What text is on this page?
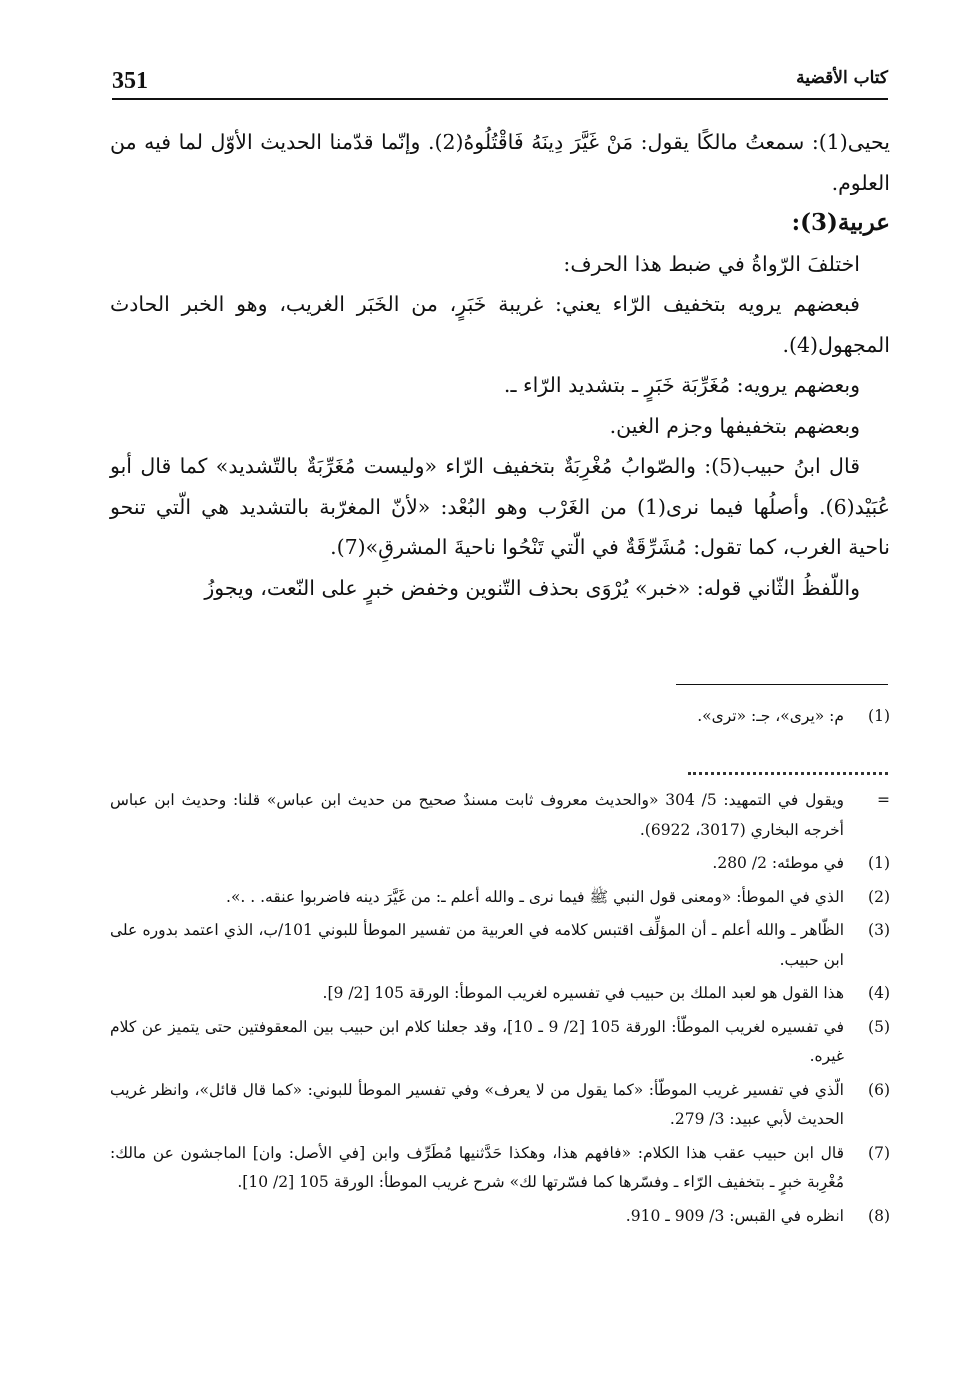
351	كتاب الأقضية

يحيى(1): سمعتُ مالكًا يقول: مَنْ غَيَّرَ دِينَهُ فَاقْتُلُوهُ(2). وإنّما قدّمنا الحديث الأوّل لما فيه من العلوم.

عربية(3):

اختلفَ الرّواةُ في ضبط هذا الحرف:

فبعضهم يرويه بتخفيف الرّاء يعني: غريبة خَبَرٍ، من الخَبَر الغريب، وهو الخبر الحادث المجهول(4).

وبعضهم يرويه: مُغَرِّبَة خَبَرٍ ـ بتشديد الرّاء ـ.

وبعضهم بتخفيفها وجزم الغين.

قال ابنُ حبيب(5): والصّوابُ مُغْرِبَةٌ بتخفيف الرّاء «وليست مُغَرِّبَةٌ بالتّشديد» كما قال أبو عُبَيْد(6). وأصلُها فيما نرى(1) من الغَرْب وهو البُعْد: «لأنّ المغرّبة بالتشديد هي الّتي تنحو ناحية الغرب، كما تقول: مُشَرِّقَةٌ في الّتي تَنْحُوا ناحيةَ المشرقِ»(7).

واللّفظُ الثّاني قوله: «خبر» يُرْوَى بحذف التّنوين وخفض خبرٍ على النّعت، ويجوزُ

(1)
م: «يرى»، جـ: «ترى».
=
ويقول في التمهيد: 5/ 304 «والحديث معروف ثابت مسندٌ صحيح من حديث ابن عباس» قلنا: وحديث ابن عباس أخرجه البخاري (3017، 6922).
(1)
في موطئه: 2/ 280.
(2)
الذي في الموطأ: «ومعنى قول النبي ﷺ فيما نرى ـ والله أعلم ـ: من غَيَّرَ دينه فاضربوا عنقه. . .».
(3)
الظّاهر ـ والله أعلم ـ أن المؤلِّف اقتبس كلامه في العربية من تفسير الموطأ للبوني 101/ب، الذي اعتمد بدوره على ابن حبيب.
(4)
هذا القول هو لعبد الملك بن حبيب في تفسيره لغريب الموطأ: الورقة 105 [2/ 9].
(5)
في تفسيره لغريب الموطّأ: الورقة 105 [2/ 9 ـ 10]، وقد جعلنا كلام ابن حبيب بين المعقوفتين حتى يتميز عن كلام غيره.
(6)
الّذي في تفسير غريب الموطّأ: «كما يقول من لا يعرف» وفي تفسير الموطأ للبوني: «كما قال قائل»، وانظر غريب الحديث لأبي عبيد: 3/ 279.
(7)
قال ابن حبيب عقب هذا الكلام: «فافهم هذا، وهكذا حَدَّثنيها مُطَرِّف وابن [في الأصل: وان] الماجشون عن مالك: مُغْرِبة خبرٍ ـ بتخفيف الرّاء ـ وفسّرها كما فسّرتها لك» شرح غريب الموطأ: الورقة 105 [2/ 10].
(8)
انظره في القبس: 3/ 909 ـ 910.
